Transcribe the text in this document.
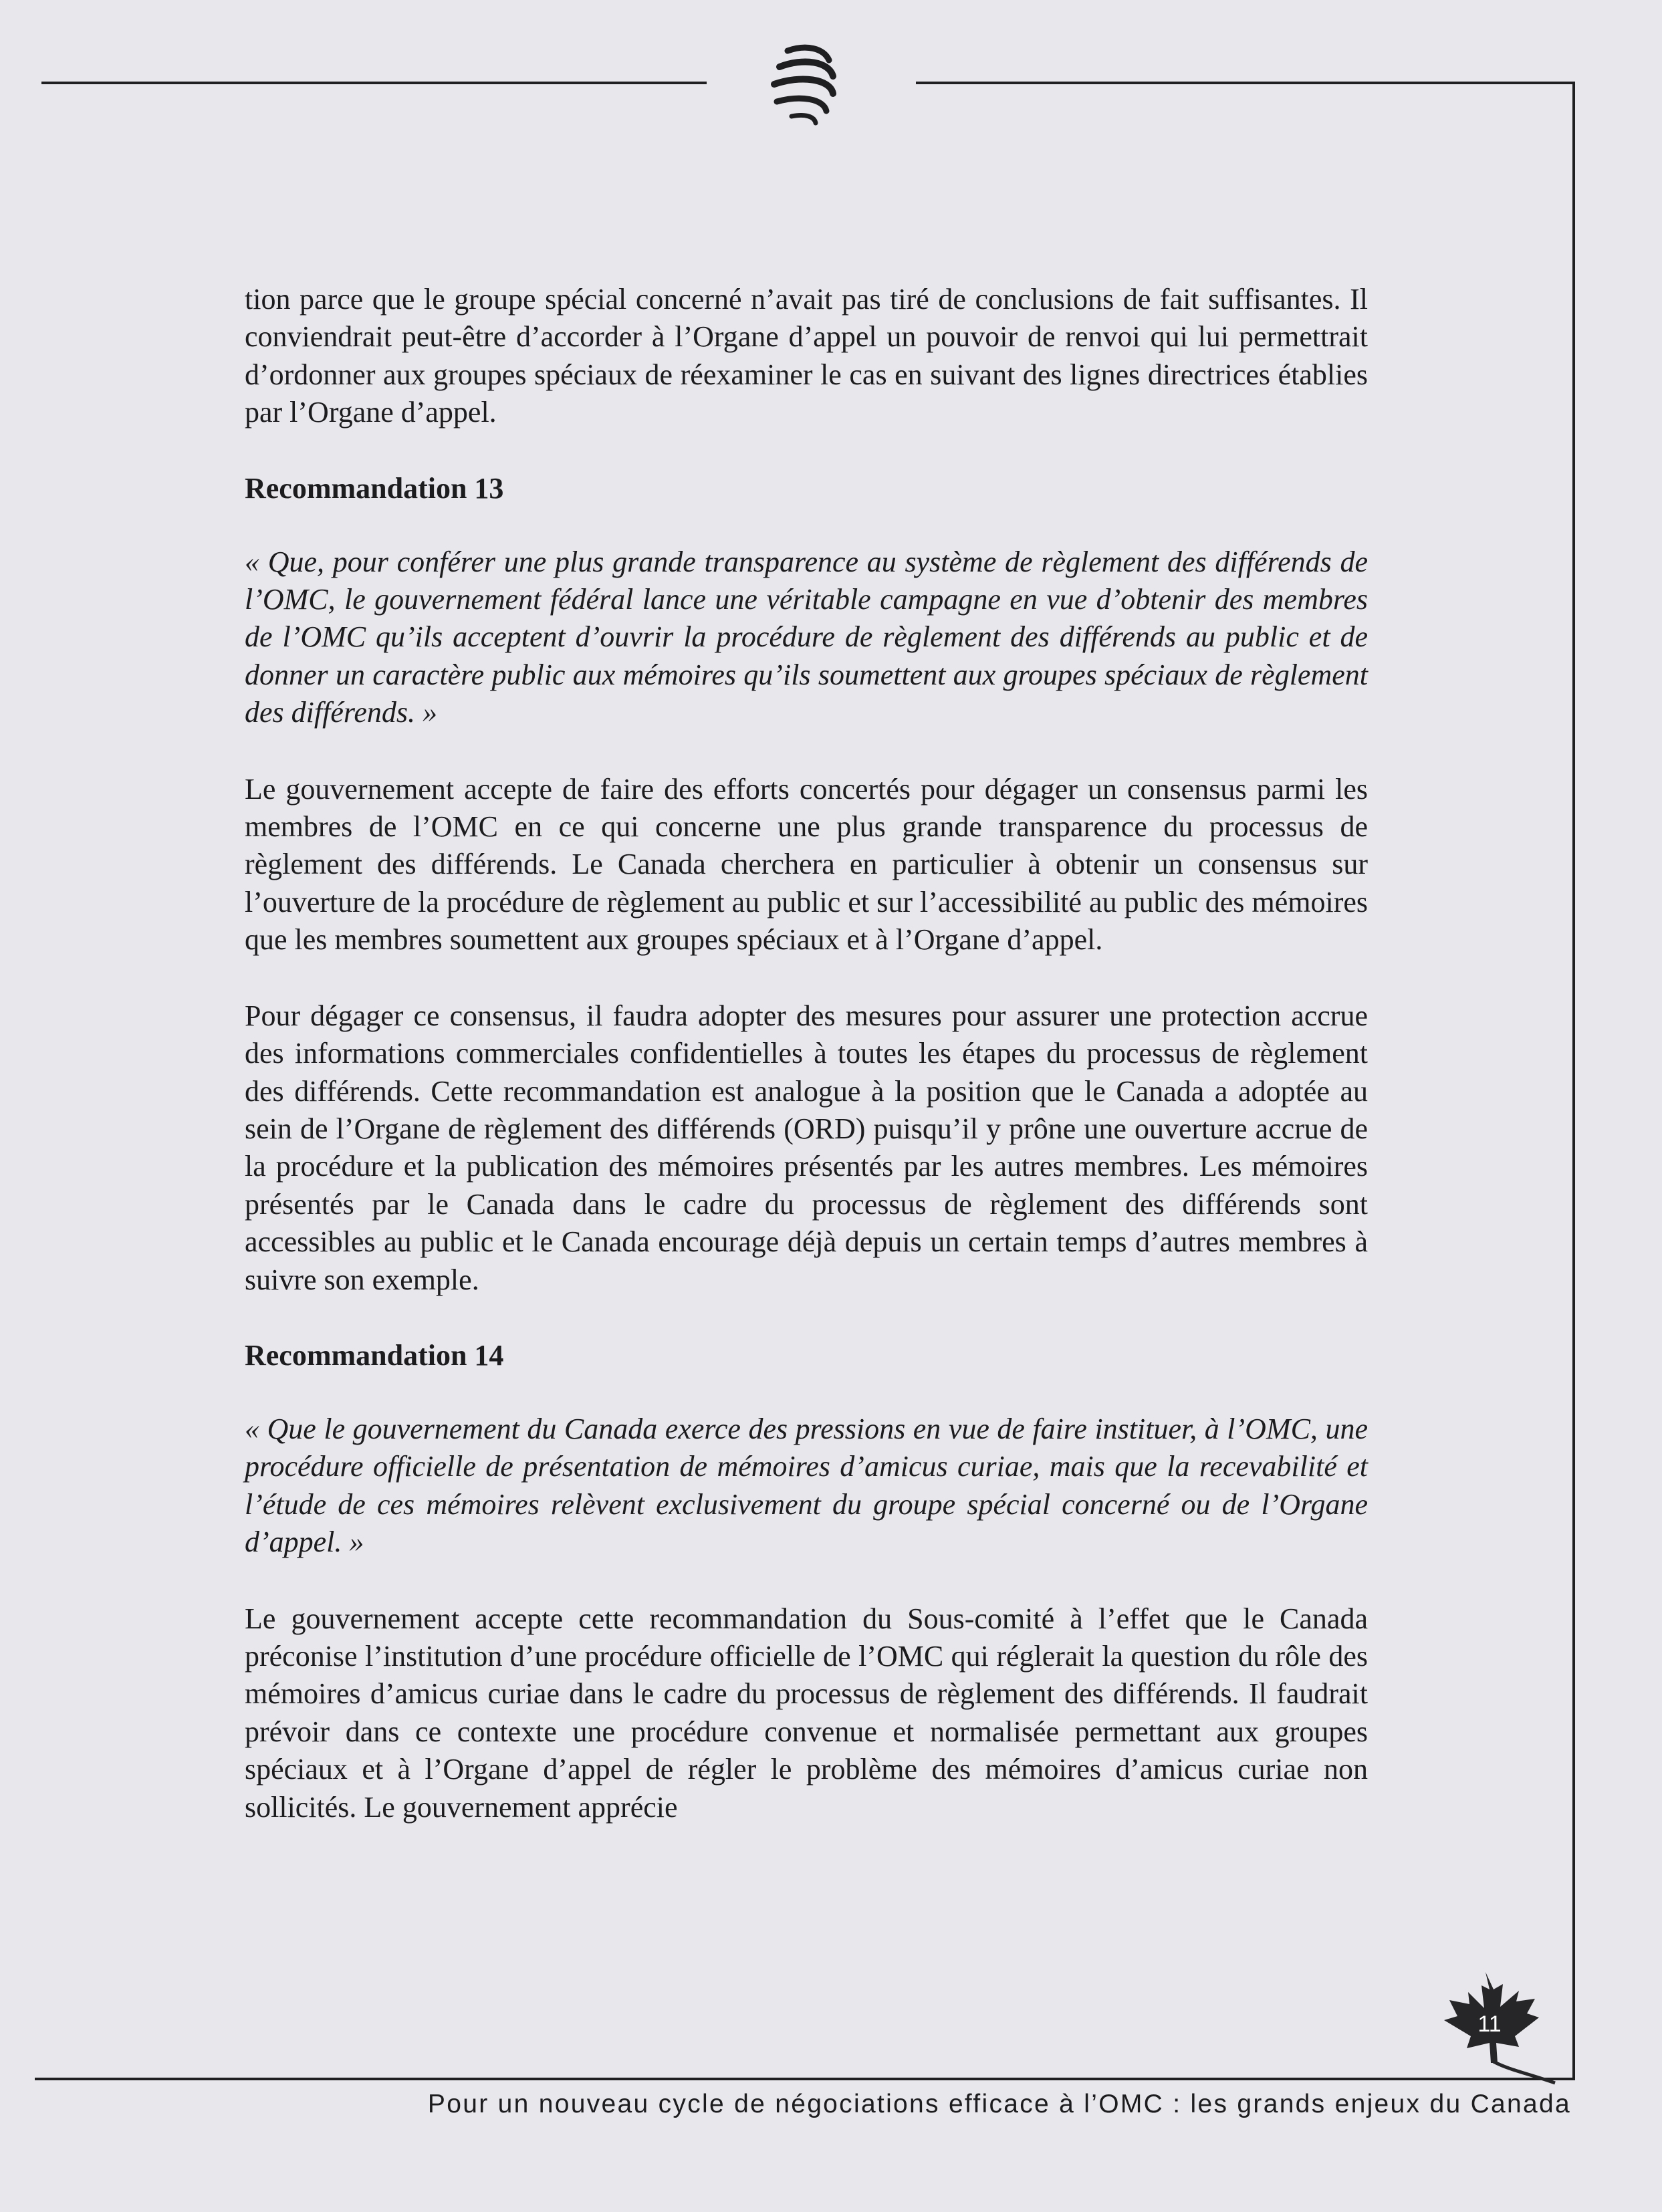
tion parce que le groupe spécial concerné n’avait pas tiré de conclusions de fait suffisantes. Il conviendrait peut-être d’accorder à l’Organe d’appel un pouvoir de renvoi qui lui permettrait d’ordonner aux groupes spéciaux de réexaminer le cas en suivant des lignes directrices établies par l’Organe d’appel.

Recommandation 13

« Que, pour conférer une plus grande transparence au système de règlement des différends de l’OMC, le gouvernement fédéral lance une véritable campagne en vue d’obtenir des membres de l’OMC qu’ils acceptent d’ouvrir la procédure de règlement des différends au public et de donner un caractère public aux mémoires qu’ils soumettent aux groupes spéciaux de règlement des différends. »

Le gouvernement accepte de faire des efforts concertés pour dégager un consensus parmi les membres de l’OMC en ce qui concerne une plus grande transparence du processus de règlement des différends. Le Canada cherchera en particulier à obtenir un consensus sur l’ouverture de la procédure de règlement au public et sur l’accessibilité au public des mémoires que les membres soumettent aux groupes spéciaux et à l’Organe d’appel.

Pour dégager ce consensus, il faudra adopter des mesures pour assurer une protection accrue des informations commerciales confidentielles à toutes les étapes du processus de règlement des différends. Cette recommandation est analogue à la position que le Canada a adoptée au sein de l’Organe de règlement des différends (ORD) puisqu’il y prône une ouverture accrue de la procédure et la publication des mémoires présentés par les autres membres. Les mémoires présentés par le Canada dans le cadre du processus de règlement des différends sont accessibles au public et le Canada encourage déjà depuis un certain temps d’autres membres à suivre son exemple.

Recommandation 14

« Que le gouvernement du Canada exerce des pressions en vue de faire instituer, à l’OMC, une procédure officielle de présentation de mémoires d’amicus curiae, mais que la recevabilité et l’étude de ces mémoires relèvent exclusivement du groupe spécial concerné ou de l’Organe d’appel. »

Le gouvernement accepte cette recommandation du Sous-comité à l’effet que le Canada préconise l’institution d’une procédure officielle de l’OMC qui réglerait la question du rôle des mémoires d’amicus curiae dans le cadre du processus de règlement des différends. Il faudrait prévoir dans ce contexte une procédure convenue et normalisée permettant aux groupes spéciaux et à l’Organe d’appel de régler le problème des mémoires d’amicus curiae non sollicités. Le gouvernement apprécie

11
Pour un nouveau cycle de négociations efficace à l’OMC : les grands enjeux du Canada
